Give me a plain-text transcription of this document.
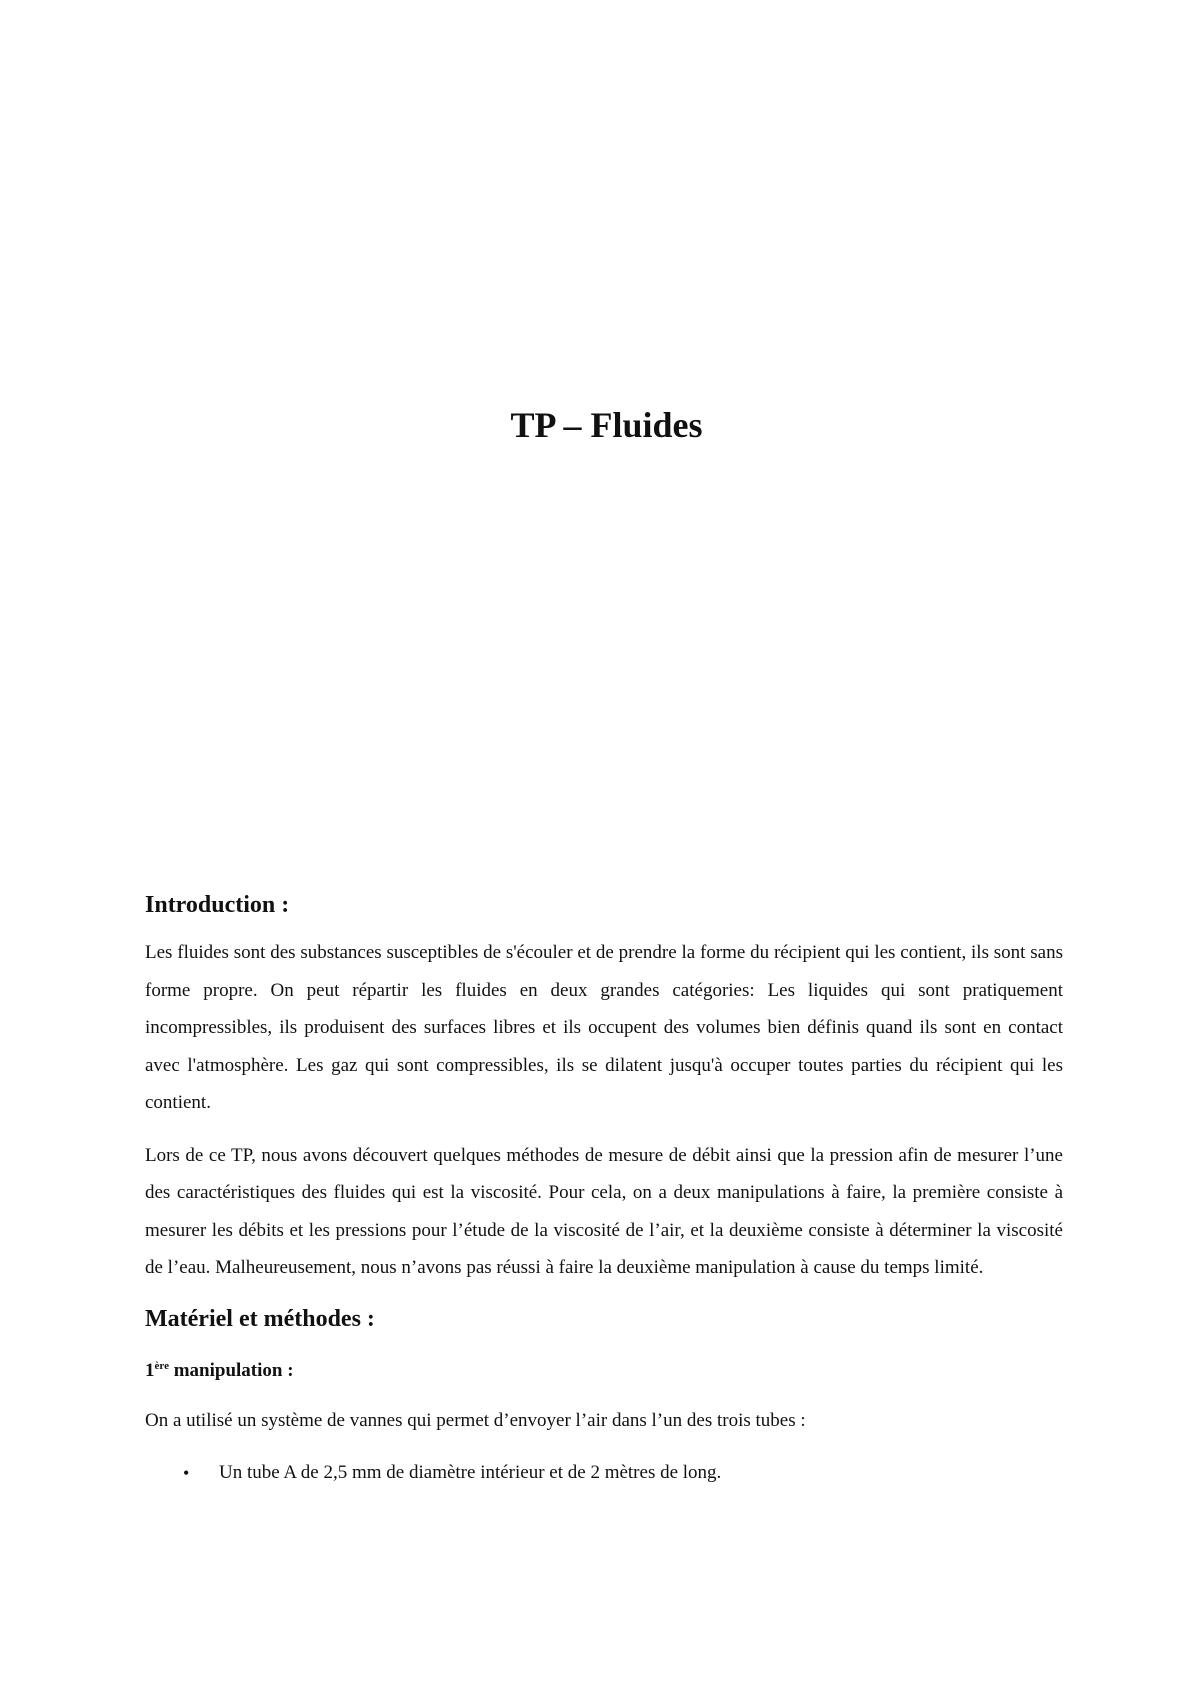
TP – Fluides
Introduction :

Les fluides sont des substances susceptibles de s'écouler et de prendre la forme du récipient qui les contient, ils sont sans forme propre. On peut répartir les fluides en deux grandes catégories: Les liquides qui sont pratiquement incompressibles, ils produisent des surfaces libres et ils occupent des volumes bien définis quand ils sont en contact avec l'atmosphère. Les gaz qui sont compressibles, ils se dilatent jusqu'à occuper toutes parties du récipient qui les contient.

Lors de ce TP, nous avons découvert quelques méthodes de mesure de débit ainsi que la pression afin de mesurer l’une des caractéristiques des fluides qui est la viscosité. Pour cela, on a deux manipulations à faire, la première consiste à mesurer les débits et les pressions pour l’étude de la viscosité de l’air, et la deuxième consiste à déterminer la viscosité de l’eau. Malheureusement, nous n’avons pas réussi à faire la deuxième manipulation à cause du temps limité.

Matériel et méthodes :
1ère manipulation :

On a utilisé un système de vannes qui permet d’envoyer l’air dans l’un des trois tubes :

• Un tube A de 2,5 mm de diamètre intérieur et de 2 mètres de long.
